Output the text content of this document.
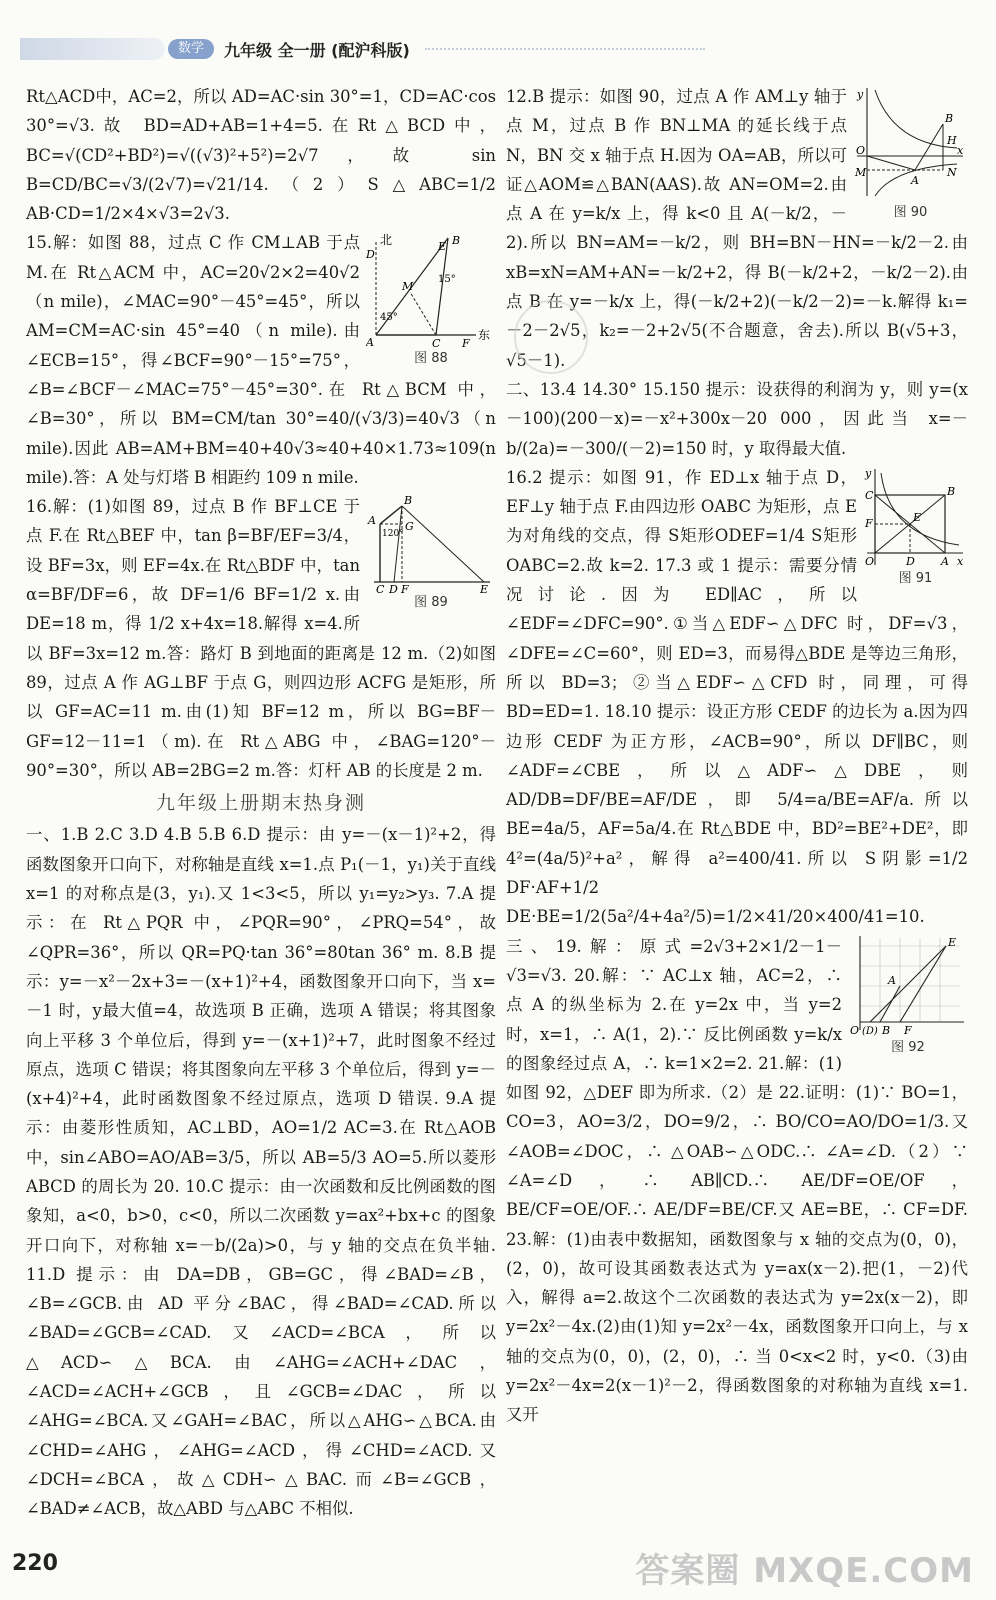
数学	九年级 全一册 (配沪科版)

Rt△ACD中，AC=2，所以 AD=AC·sin 30°=1，CD=AC·cos 30°=√3.故 BD=AD+AB=1+4=5.在Rt△BCD中，BC=√(CD²+BD²)=√((√3)²+5²)=2√7，故 sin B=CD/BC=√3/(2√7)=√21/14.（2）S△ABC=1/2 AB·CD=1/2×4×√3=2√3.

北
东
A
B
C
D
E
F
M
45°
15°
图 88

15.解：如图 88，过点 C 作 CM⊥AB 于点 M.在 Rt△ACM 中，AC=20√2×2=40√2（n mile)，∠MAC=90°－45°=45°，所以 AM=CM=AC·sin 45°=40（n mile).由∠ECB=15°，得∠BCF=90°－15°=75°，∠B=∠BCF－∠MAC=75°－45°=30°.在 Rt△BCM 中，∠B=30°，所以 BM=CM/tan 30°=40/(√3/3)=40√3（n mile).因此 AB=AM+BM=40+40√3≈40+40×1.73≈109(n mile).答：A 处与灯塔 B 相距约 109 n mile.

A
B
C D	E
F
G
120°
图 89

16.解：(1)如图 89，过点 B 作 BF⊥CE 于点 F.在 Rt△BEF 中，tan β=BF/EF=3/4，设 BF=3x，则 EF=4x.在 Rt△BDF 中，tan α=BF/DF=6，故 DF=1/6 BF=1/2 x.由 DE=18 m，得 1/2 x+4x=18.解得 x=4.所以 BF=3x=12 m.答：路灯 B 到地面的距离是 12 m.（2)如图 89，过点 A 作 AG⊥BF 于点 G，则四边形 ACFG 是矩形，所以 GF=AC=11 m.由(1)知 BF=12 m，所以 BG=BF－GF=12－11=1（m).在 Rt△ABG 中，∠BAG=120°－90°=30°，所以 AB=2BG=2 m.答：灯杆 AB 的长度是 2 m.

九年级上册期末热身测

一、1.B 2.C 3.D 4.B 5.B 6.D 提示：由 y=－(x－1)²+2，得函数图象开口向下，对称轴是直线 x=1.点 P₁(－1，y₁)关于直线 x=1 的对称点是(3，y₁).又 1<3<5，所以 y₁=y₂>y₃. 7.A 提示：在 Rt△PQR 中，∠PQR=90°，∠PRQ=54°，故∠QPR=36°，所以 QR=PQ·tan 36°=80tan 36° m. 8.B 提示：y=－x²－2x+3=－(x+1)²+4，函数图象开口向下，当 x=－1 时，y最大值=4，故选项 B 正确，选项 A 错误；将其图象向上平移 3 个单位后，得到 y=－(x+1)²+7，此时图象不经过原点，选项 C 错误；将其图象向左平移 3 个单位后，得到 y=－(x+4)²+4，此时函数图象不经过原点，选项 D 错误. 9.A 提示：由菱形性质知，AC⊥BD，AO=1/2 AC=3.在 Rt△AOB 中，sin∠ABO=AO/AB=3/5，所以 AB=5/3 AO=5.所以菱形 ABCD 的周长为 20. 10.C 提示：由一次函数和反比例函数的图象知，a<0，b>0，c<0，所以二次函数 y=ax²+bx+c 的图象开口向下，对称轴 x=－b/(2a)>0，与 y 轴的交点在负半轴. 11.D 提示：由 DA=DB，GB=GC，得∠BAD=∠B，∠B=∠GCB.由 AD 平分∠BAC，得∠BAD=∠CAD.所以∠BAD=∠GCB=∠CAD.又∠ACD=∠BCA，所以△ACD∽△BCA.由∠AHG=∠ACH+∠DAC，∠ACD=∠ACH+∠GCB，且∠GCB=∠DAC，所以∠AHG=∠BCA.又∠GAH=∠BAC，所以△AHG∽△BCA.由∠CHD=∠AHG，∠AHG=∠ACD，得∠CHD=∠ACD.又∠DCH=∠BCA，故△CDH∽△BAC.而∠B=∠GCB，∠BAD≠∠ACB，故△ABD 与△ABC 不相似.

y
x
O
A
B
H
M	N
图 90

12.B 提示：如图 90，过点 A 作 AM⊥y 轴于点 M，过点 B 作 BN⊥MA 的延长线于点 N，BN 交 x 轴于点 H.因为 OA=AB，所以可证△AOM≌△BAN(AAS).故 AN=OM=2.由点 A 在 y=k/x 上，得 k<0 且 A(－k/2，－2).所以 BN=AM=－k/2，则 BH=BN－HN=－k/2－2.由 xB=xN=AM+AN=－k/2+2，得 B(－k/2+2，－k/2－2).由点 B 在 y=－k/x 上，得(－k/2+2)(－k/2－2)=－k.解得 k₁=－2－2√5，k₂=－2+2√5(不合题意，舍去).所以 B(√5+3，√5－1).

二、13.4 14.30° 15.150 提示：设获得的利润为 y，则 y=(x－100)(200－x)=－x²+300x－20 000，因此当 x=－b/(2a)=－300/(－2)=150 时，y 取得最大值.

y
x
O	A
B
C
D
E
F
图 91

16.2 提示：如图 91，作 ED⊥x 轴于点 D，EF⊥y 轴于点 F.由四边形 OABC 为矩形，点 E 为对角线的交点，得 S矩形ODEF=1/4 S矩形OABC=2.故 k=2. 17.3 或 1 提示：需要分情况讨论.因为 ED∥AC，所以∠EDF=∠DFC=90°.①当△EDF∽△DFC 时，DF=√3，∠DFE=∠C=60°，则 ED=3，而易得△BDE 是等边三角形，所以 BD=3；②当△EDF∽△CFD 时，同理，可得 BD=ED=1. 18.10 提示：设正方形 CEDF 的边长为 a.因为四边形 CEDF 为正方形，∠ACB=90°，所以 DF∥BC，则∠ADF=∠CBE，所以△ADF∽△DBE，则 AD/DB=DF/BE=AF/DE，即 5/4=a/BE=AF/a.所以 BE=4a/5，AF=5a/4.在 Rt△BDE 中，BD²=BE²+DE²，即 4²=(4a/5)²+a²，解得 a²=400/41.所以 S阴影=1/2 DF·AF+1/2 DE·BE=1/2(5a²/4+4a²/5)=1/2×41/20×400/41=10.

O (D) B F
A
E
图 92

三、19.解：原式=2√3+2×1/2－1－√3=√3. 20.解：∵ AC⊥x 轴，AC=2，∴ 点 A 的纵坐标为 2.在 y=2x 中，当 y=2 时，x=1，∴ A(1，2).∵ 反比例函数 y=k/x 的图象经过点 A，∴ k=1×2=2. 21.解：(1)如图 92，△DEF 即为所求.（2）是 22.证明：(1)∵ BO=1，CO=3，AO=3/2，DO=9/2，∴ BO/CO=AO/DO=1/3.又∠AOB=∠DOC，∴ △OAB∽△ODC.∴ ∠A=∠D.（2）∵ ∠A=∠D，∴ AB∥CD.∴ AE/DF=OE/OF，BE/CF=OE/OF.∴ AE/DF=BE/CF.又 AE=BE，∴ CF=DF. 23.解：(1)由表中数据知，函数图象与 x 轴的交点为(0，0)，(2，0)，故可设其函数表达式为 y=ax(x－2).把(1，－2)代入，解得 a=2.故这个二次函数的表达式为 y=2x(x－2)，即 y=2x²－4x.(2)由(1)知 y=2x²－4x，函数图象开口向上，与 x 轴的交点为(0，0)，(2，0)，∴ 当 0<x<2 时，y<0.（3)由 y=2x²－4x=2(x－1)²－2，得函数图象的对称轴为直线 x=1.又开

220	答案圈 MXQE.COM
